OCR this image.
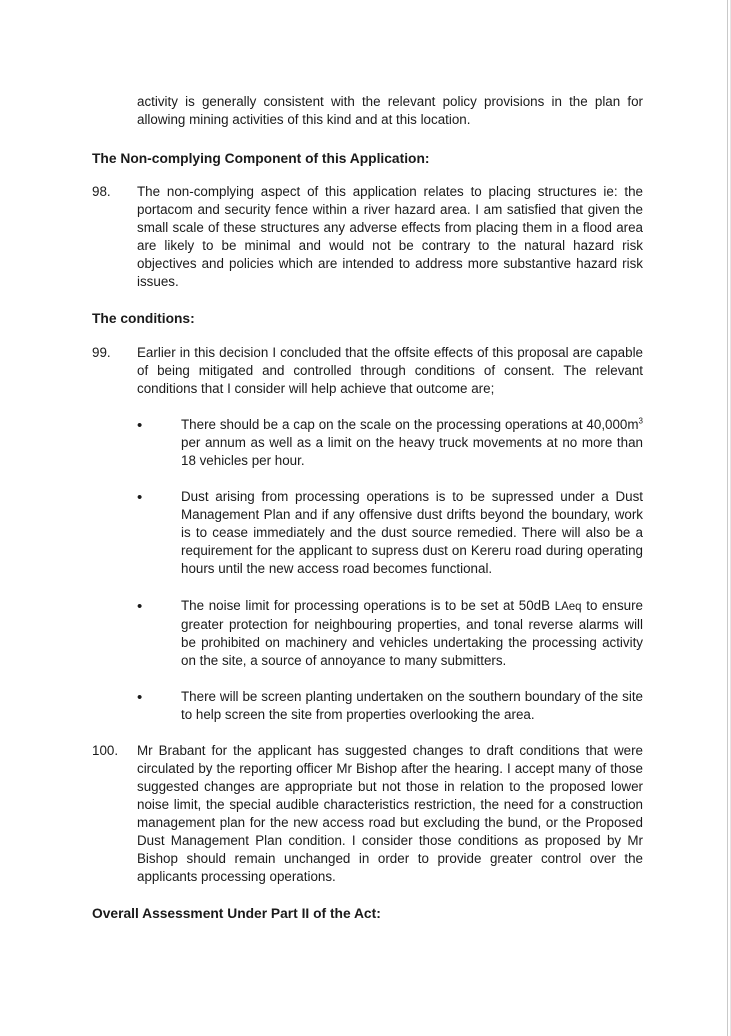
activity is generally consistent with the relevant policy provisions in the plan for allowing mining activities of this kind and at this location.
The Non-complying Component of this Application:
98. The non-complying aspect of this application relates to placing structures ie: the portacom and security fence within a river hazard area. I am satisfied that given the small scale of these structures any adverse effects from placing them in a flood area are likely to be minimal and would not be contrary to the natural hazard risk objectives and policies which are intended to address more substantive hazard risk issues.
The conditions:
99. Earlier in this decision I concluded that the offsite effects of this proposal are capable of being mitigated and controlled through conditions of consent. The relevant conditions that I consider will help achieve that outcome are;
•	There should be a cap on the scale on the processing operations at $40,000m^3$ per annum as well as a limit on the heavy truck movements at no more than 18 vehicles per hour.
•	Dust arising from processing operations is to be supressed under a Dust Management Plan and if any offensive dust drifts beyond the boundary, work is to cease immediately and the dust source remedied. There will also be a requirement for the applicant to supress dust on Kereru road during operating hours until the new access road becomes functional.
•	The noise limit for processing operations is to be set at 50dB LAeq to ensure greater protection for neighbouring properties, and tonal reverse alarms will be prohibited on machinery and vehicles undertaking the processing activity on the site, a source of annoyance to many submitters.
•	There will be screen planting undertaken on the southern boundary of the site to help screen the site from properties overlooking the area.
100. Mr Brabant for the applicant has suggested changes to draft conditions that were circulated by the reporting officer Mr Bishop after the hearing. I accept many of those suggested changes are appropriate but not those in relation to the proposed lower noise limit, the special audible characteristics restriction, the need for a construction management plan for the new access road but excluding the bund, or the Proposed Dust Management Plan condition. I consider those conditions as proposed by Mr Bishop should remain unchanged in order to provide greater control over the applicants processing operations.
Overall Assessment Under Part II of the Act:
